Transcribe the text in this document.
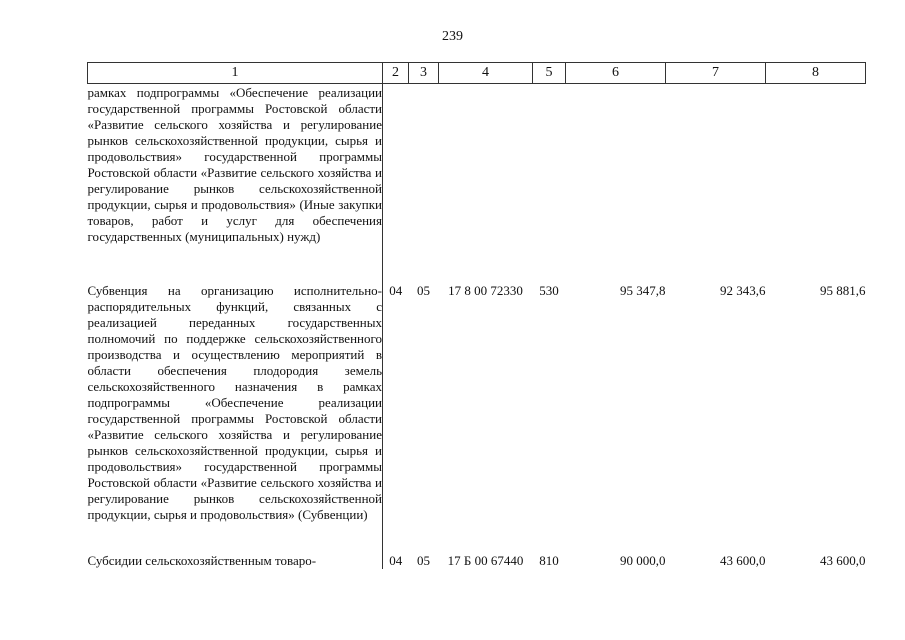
239
1	2	3	4	5	6	7	8
рамках подпрограммы «Обеспечение реализации государственной программы Ростовской области «Развитие сельского хозяйства и регулирование рынков сельскохозяйственной продукции, сырья и продовольствия» государственной программы Ростовской области «Развитие сельского хозяйства и регулирование рынков сельскохозяйственной продукции, сырья и продовольствия» (Иные закупки товаров, работ и услуг для обеспечения государственных (муниципальных) нужд)							
Субвенция на организацию исполнительно-распорядительных функций, связанных с реализацией переданных государственных полномочий по поддержке сельскохозяйственного производства и осуществлению мероприятий в области обеспечения плодородия земель сельскохозяйственного назначения в рамках подпрограммы «Обеспечение реализации государственной программы Ростовской области «Развитие сельского хозяйства и регулирование рынков сельскохозяйственной продукции, сырья и продовольствия» государственной программы Ростовской области «Развитие сельского хозяйства и регулирование рынков сельскохозяйственной продукции, сырья и продовольствия» (Субвенции)	04	05	17 8 00 72330	530	95 347,8	92 343,6	95 881,6
Субсидии сельскохозяйственным товаро-	04	05	17 Б 00 67440	810	90 000,0	43 600,0	43 600,0
